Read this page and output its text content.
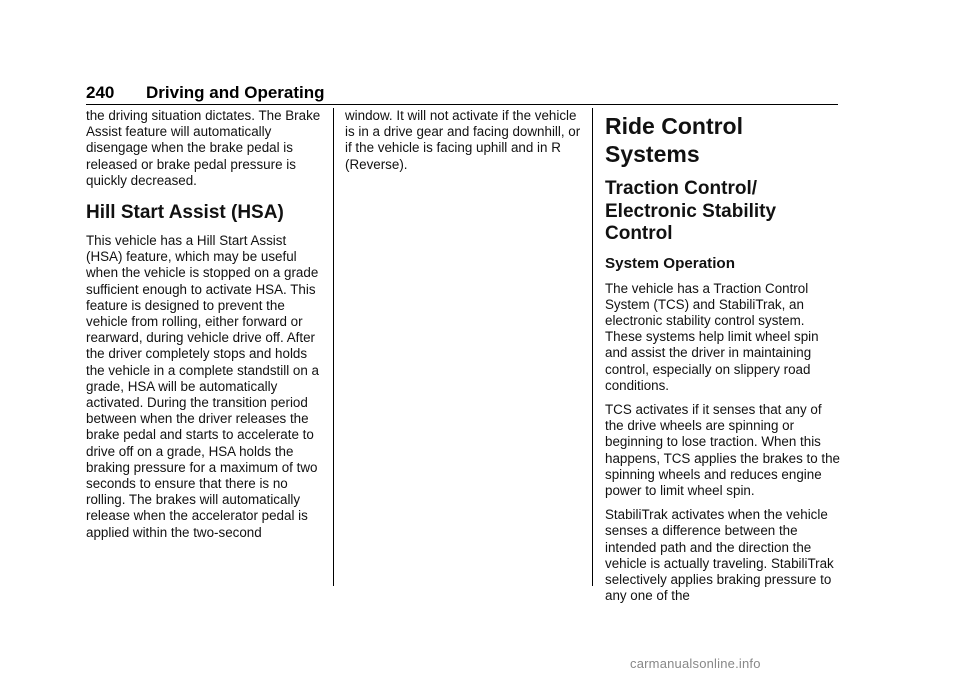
240 Driving and Operating

the driving situation dictates. The Brake Assist feature will automatically disengage when the brake pedal is released or brake pedal pressure is quickly decreased.

Hill Start Assist (HSA)

This vehicle has a Hill Start Assist (HSA) feature, which may be useful when the vehicle is stopped on a grade sufficient enough to activate HSA. This feature is designed to prevent the vehicle from rolling, either forward or rearward, during vehicle drive off. After the driver completely stops and holds the vehicle in a complete standstill on a grade, HSA will be automatically activated. During the transition period between when the driver releases the brake pedal and starts to accelerate to drive off on a grade, HSA holds the braking pressure for a maximum of two seconds to ensure that there is no rolling. The brakes will automatically release when the accelerator pedal is applied within the two-second

window. It will not activate if the vehicle is in a drive gear and facing downhill, or if the vehicle is facing uphill and in R (Reverse).

Ride Control Systems
Traction Control/ Electronic Stability Control
System Operation

The vehicle has a Traction Control System (TCS) and StabiliTrak, an electronic stability control system. These systems help limit wheel spin and assist the driver in maintaining control, especially on slippery road conditions.

TCS activates if it senses that any of the drive wheels are spinning or beginning to lose traction. When this happens, TCS applies the brakes to the spinning wheels and reduces engine power to limit wheel spin.

StabiliTrak activates when the vehicle senses a difference between the intended path and the direction the vehicle is actually traveling. StabiliTrak selectively applies braking pressure to any one of the

carmanualsonline.info
